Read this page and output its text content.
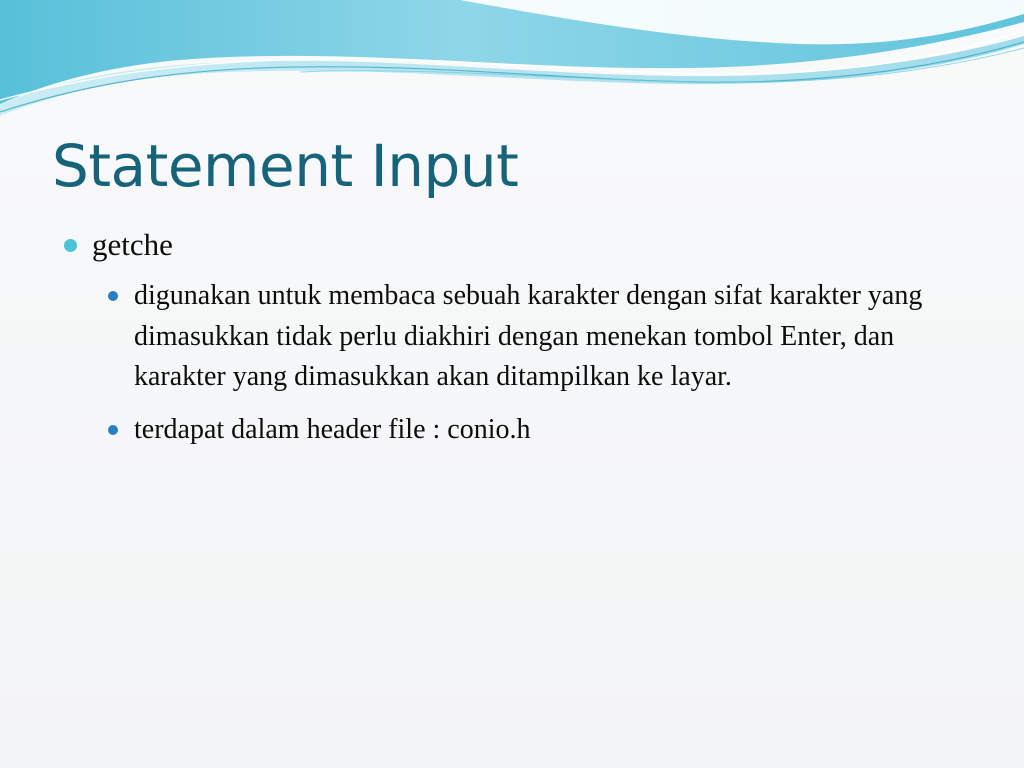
Statement Input
getche
digunakan untuk membaca sebuah karakter dengan sifat karakter yang dimasukkan tidak perlu diakhiri dengan menekan tombol Enter, dan karakter yang dimasukkan akan ditampilkan ke layar.
terdapat dalam header file : conio.h
